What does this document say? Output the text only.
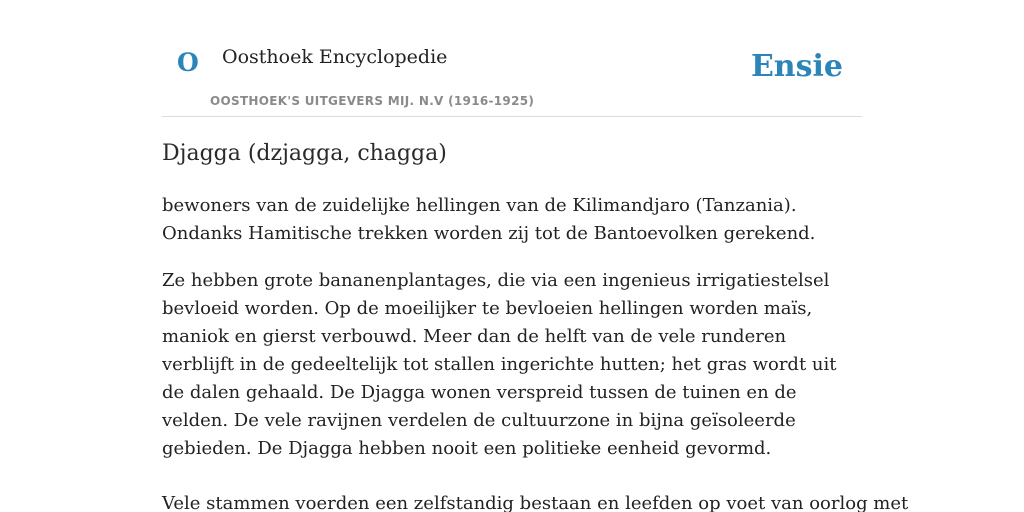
O Oosthoek Encyclopedie
OOSTHOEK'S UITGEVERS MIJ. N.V (1916-1925)
Ensie
Djagga (dzjagga, chagga)

bewoners van de zuidelijke hellingen van de Kilimandjaro (Tanzania). Ondanks Hamitische trekken worden zij tot de Bantoevolken gerekend.

Ze hebben grote bananenplantages, die via een ingenieus irrigatiestelsel bevloeid worden. Op de moeilijker te bevloeien hellingen worden maïs, maniok en gierst verbouwd. Meer dan de helft van de vele runderen verblijft in de gedeeltelijk tot stallen ingerichte hutten; het gras wordt uit de dalen gehaald. De Djagga wonen verspreid tussen de tuinen en de velden. De vele ravijnen verdelen de cultuurzone in bijna geïsoleerde gebieden. De Djagga hebben nooit een politieke eenheid gevormd.

Vele stammen voerden een zelfstandig bestaan en leefden op voet van oorlog met
